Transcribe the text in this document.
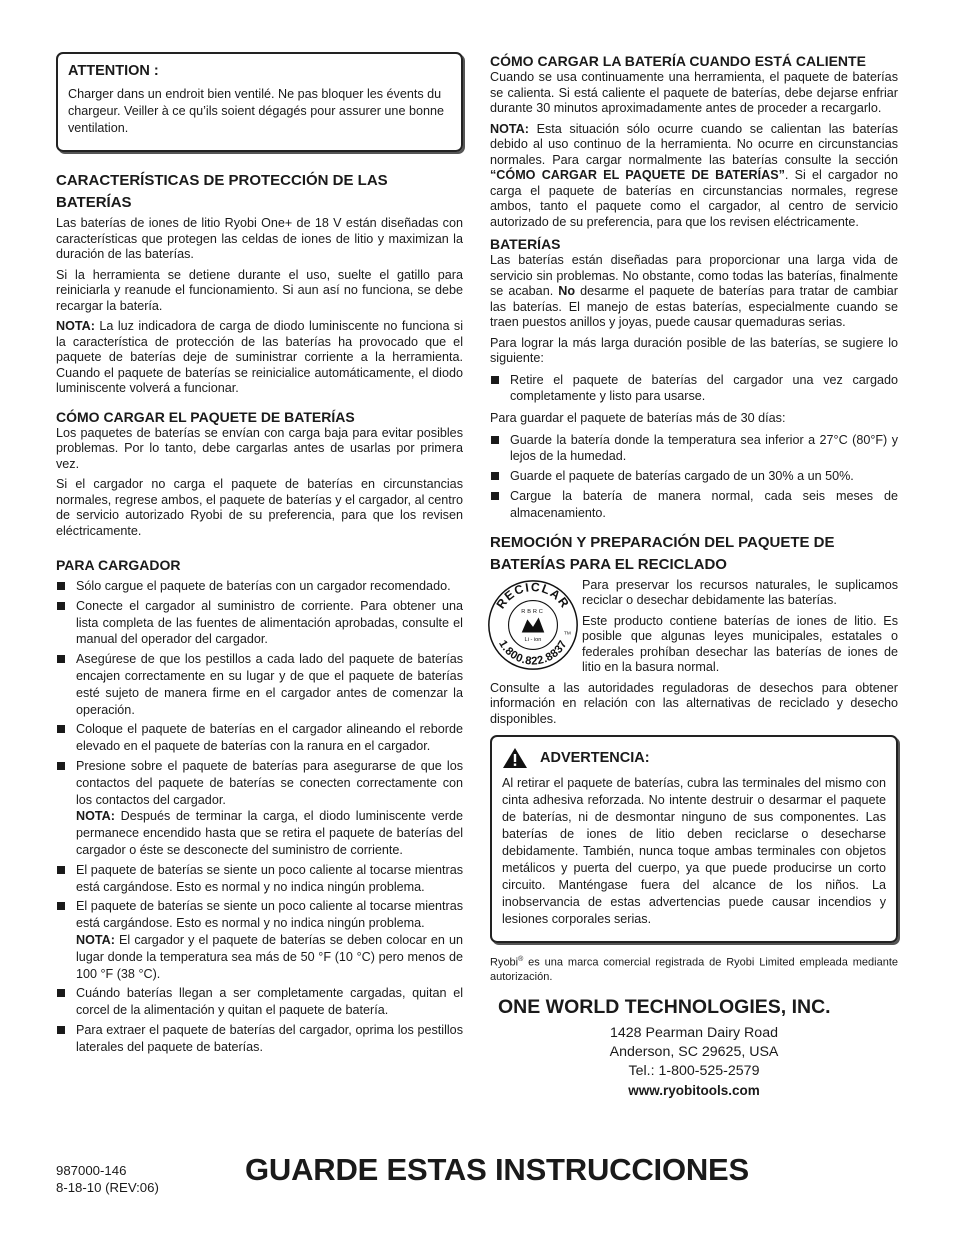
ATTENTION :

Charger dans un endroit bien ventilé. Ne pas bloquer les évents du chargeur. Veiller à ce qu’ils soient dégagés pour assurer une bonne ventilation.

CARACTERÍSTICAS DE PROTECCIÓN DE LAS BATERÍAS

Las baterías de iones de litio Ryobi One+ de 18 V están diseñadas con características que protegen las celdas de iones de litio y maximizan la duración de las baterías.

Si la herramienta se detiene durante el uso, suelte el gatillo para reiniciarla y reanude el funcionamiento. Si aun así no funciona, se debe recargar la batería.

NOTA: La luz indicadora de carga de diodo luminiscente no funciona si la característica de protección de las baterías ha provocado que el paquete de baterías deje de suministrar corriente a la herramienta. Cuando el paquete de baterías se reinicialice automáticamente, el diodo luminiscente volverá a funcionar.

CÓMO CARGAR EL PAQUETE DE BATERÍAS

Los paquetes de baterías se envían con carga baja para evitar posibles problemas. Por lo tanto, debe cargarlas antes de usarlas por primera vez.

Si el cargador no carga el paquete de baterías en circunstancias normales, regrese ambos, el paquete de baterías y el cargador, al centro de servicio autorizado Ryobi de su preferencia, para que los revisen eléctricamente.

PARA CARGADOR
Sólo cargue el paquete de baterías con un cargador recomendado.
Conecte el cargador al suministro de corriente. Para obtener una lista completa de las fuentes de alimentación aprobadas, consulte el manual del operador del cargador.
Asegúrese de que los pestillos a cada lado del paquete de baterías encajen correctamente en su lugar y de que el paquete de baterías esté sujeto de manera firme en el cargador antes de comenzar la operación.
Coloque el paquete de baterías en el cargador alineando el reborde elevado en el paquete de baterías con la ranura en el cargador.
Presione sobre el paquete de baterías para asegurarse de que los contactos del paquete de baterías se conecten correctamente con los contactos del cargador.
NOTA: Después de terminar la carga, el diodo luminiscente verde permanece encendido hasta que se retira el paquete de baterías del cargador o éste se desconecte del suministro de corriente.
El paquete de baterías se siente un poco caliente al tocarse mientras está cargándose. Esto es normal y no indica ningún problema.
El paquete de baterías se siente un poco caliente al tocarse mientras está cargándose. Esto es normal y no indica ningún problema.
NOTA: El cargador y el paquete de baterías se deben colocar en un lugar donde la temperatura sea más de 50 °F (10 °C) pero menos de 100 °F (38 °C).
Cuándo baterías llegan a ser completamente cargadas, quitan el corcel de la alimentación y quitan el paquete de batería.
Para extraer el paquete de baterías del cargador, oprima los pestillos laterales del paquete de baterías.
CÓMO CARGAR LA BATERÍA CUANDO ESTÁ CALIENTE

Cuando se usa continuamente una herramienta, el paquete de baterías se calienta. Si está caliente el paquete de baterías, debe dejarse enfriar durante 30 minutos aproximadamente antes de proceder a recargarlo.

NOTA: Esta situación sólo ocurre cuando se calientan las baterías debido al uso continuo de la herramienta. No ocurre en circunstancias normales. Para cargar normalmente las baterías consulte la sección “CÓMO CARGAR EL PAQUETE DE BATERÍAS”. Si el cargador no carga el paquete de baterías en circunstancias normales, regrese ambos, tanto el paquete como el cargador, al centro de servicio autorizado de su preferencia, para que los revisen eléctricamente.

BATERÍAS

Las baterías están diseñadas para proporcionar una larga vida de servicio sin problemas. No obstante, como todas las baterías, finalmente se acaban. No desarme el paquete de baterías para tratar de cambiar las baterías. El manejo de estas baterías, especialmente cuando se traen puestos anillos y joyas, puede causar quemaduras serias.

Para lograr la más larga duración posible de las baterías, se sugiere lo siguiente:

Retire el paquete de baterías del cargador una vez cargado completamente y listo para usarse.

Para guardar el paquete de baterías más de 30 días:

Guarde la batería donde la temperatura sea inferior a 27°C (80°F) y lejos de la humedad.
Guarde el paquete de baterías cargado de un 30% a un 50%.
Cargue la batería de manera normal, cada seis meses de almacenamiento.
REMOCIÓN Y PREPARACIÓN DEL PAQUETE DE BATERÍAS PARA EL RECICLADO
RECICLAR
1.800.822.8837
RBRC
Li - ion
TM

Para preservar los recursos naturales, le suplicamos reciclar o desechar debidamente las baterías.

Este producto contiene baterías de iones de litio. Es posible que algunas leyes municipales, estatales o federales prohíban desechar las baterías de iones de litio en la basura normal.

Consulte a las autoridades reguladoras de desechos para obtener información en relación con las alternativas de reciclado y desecho disponibles.

ADVERTENCIA:

Al retirar el paquete de baterías, cubra las terminales del mismo con cinta adhesiva reforzada. No intente destruir o desarmar el paquete de baterías, ni de desmontar ninguno de sus componentes. Las baterías de iones de litio deben reciclarse o desecharse debidamente. También, nunca toque ambas terminales con objetos metálicos y puerta del cuerpo, ya que puede producirse un corto circuito. Manténgase fuera del alcance de los niños. La inobservancia de estas advertencias puede causar incendios y lesiones corporales serias.

Ryobi® es una marca comercial registrada de Ryobi Limited empleada mediante autorización.

ONE WORLD TECHNOLOGIES, INC.
1428 Pearman Dairy Road
Anderson, SC 29625, USA
Tel.: 1-800-525-2579
www.ryobitools.com
987000-146
8-18-10 (REV:06)
GUARDE ESTAS INSTRUCCIONES
